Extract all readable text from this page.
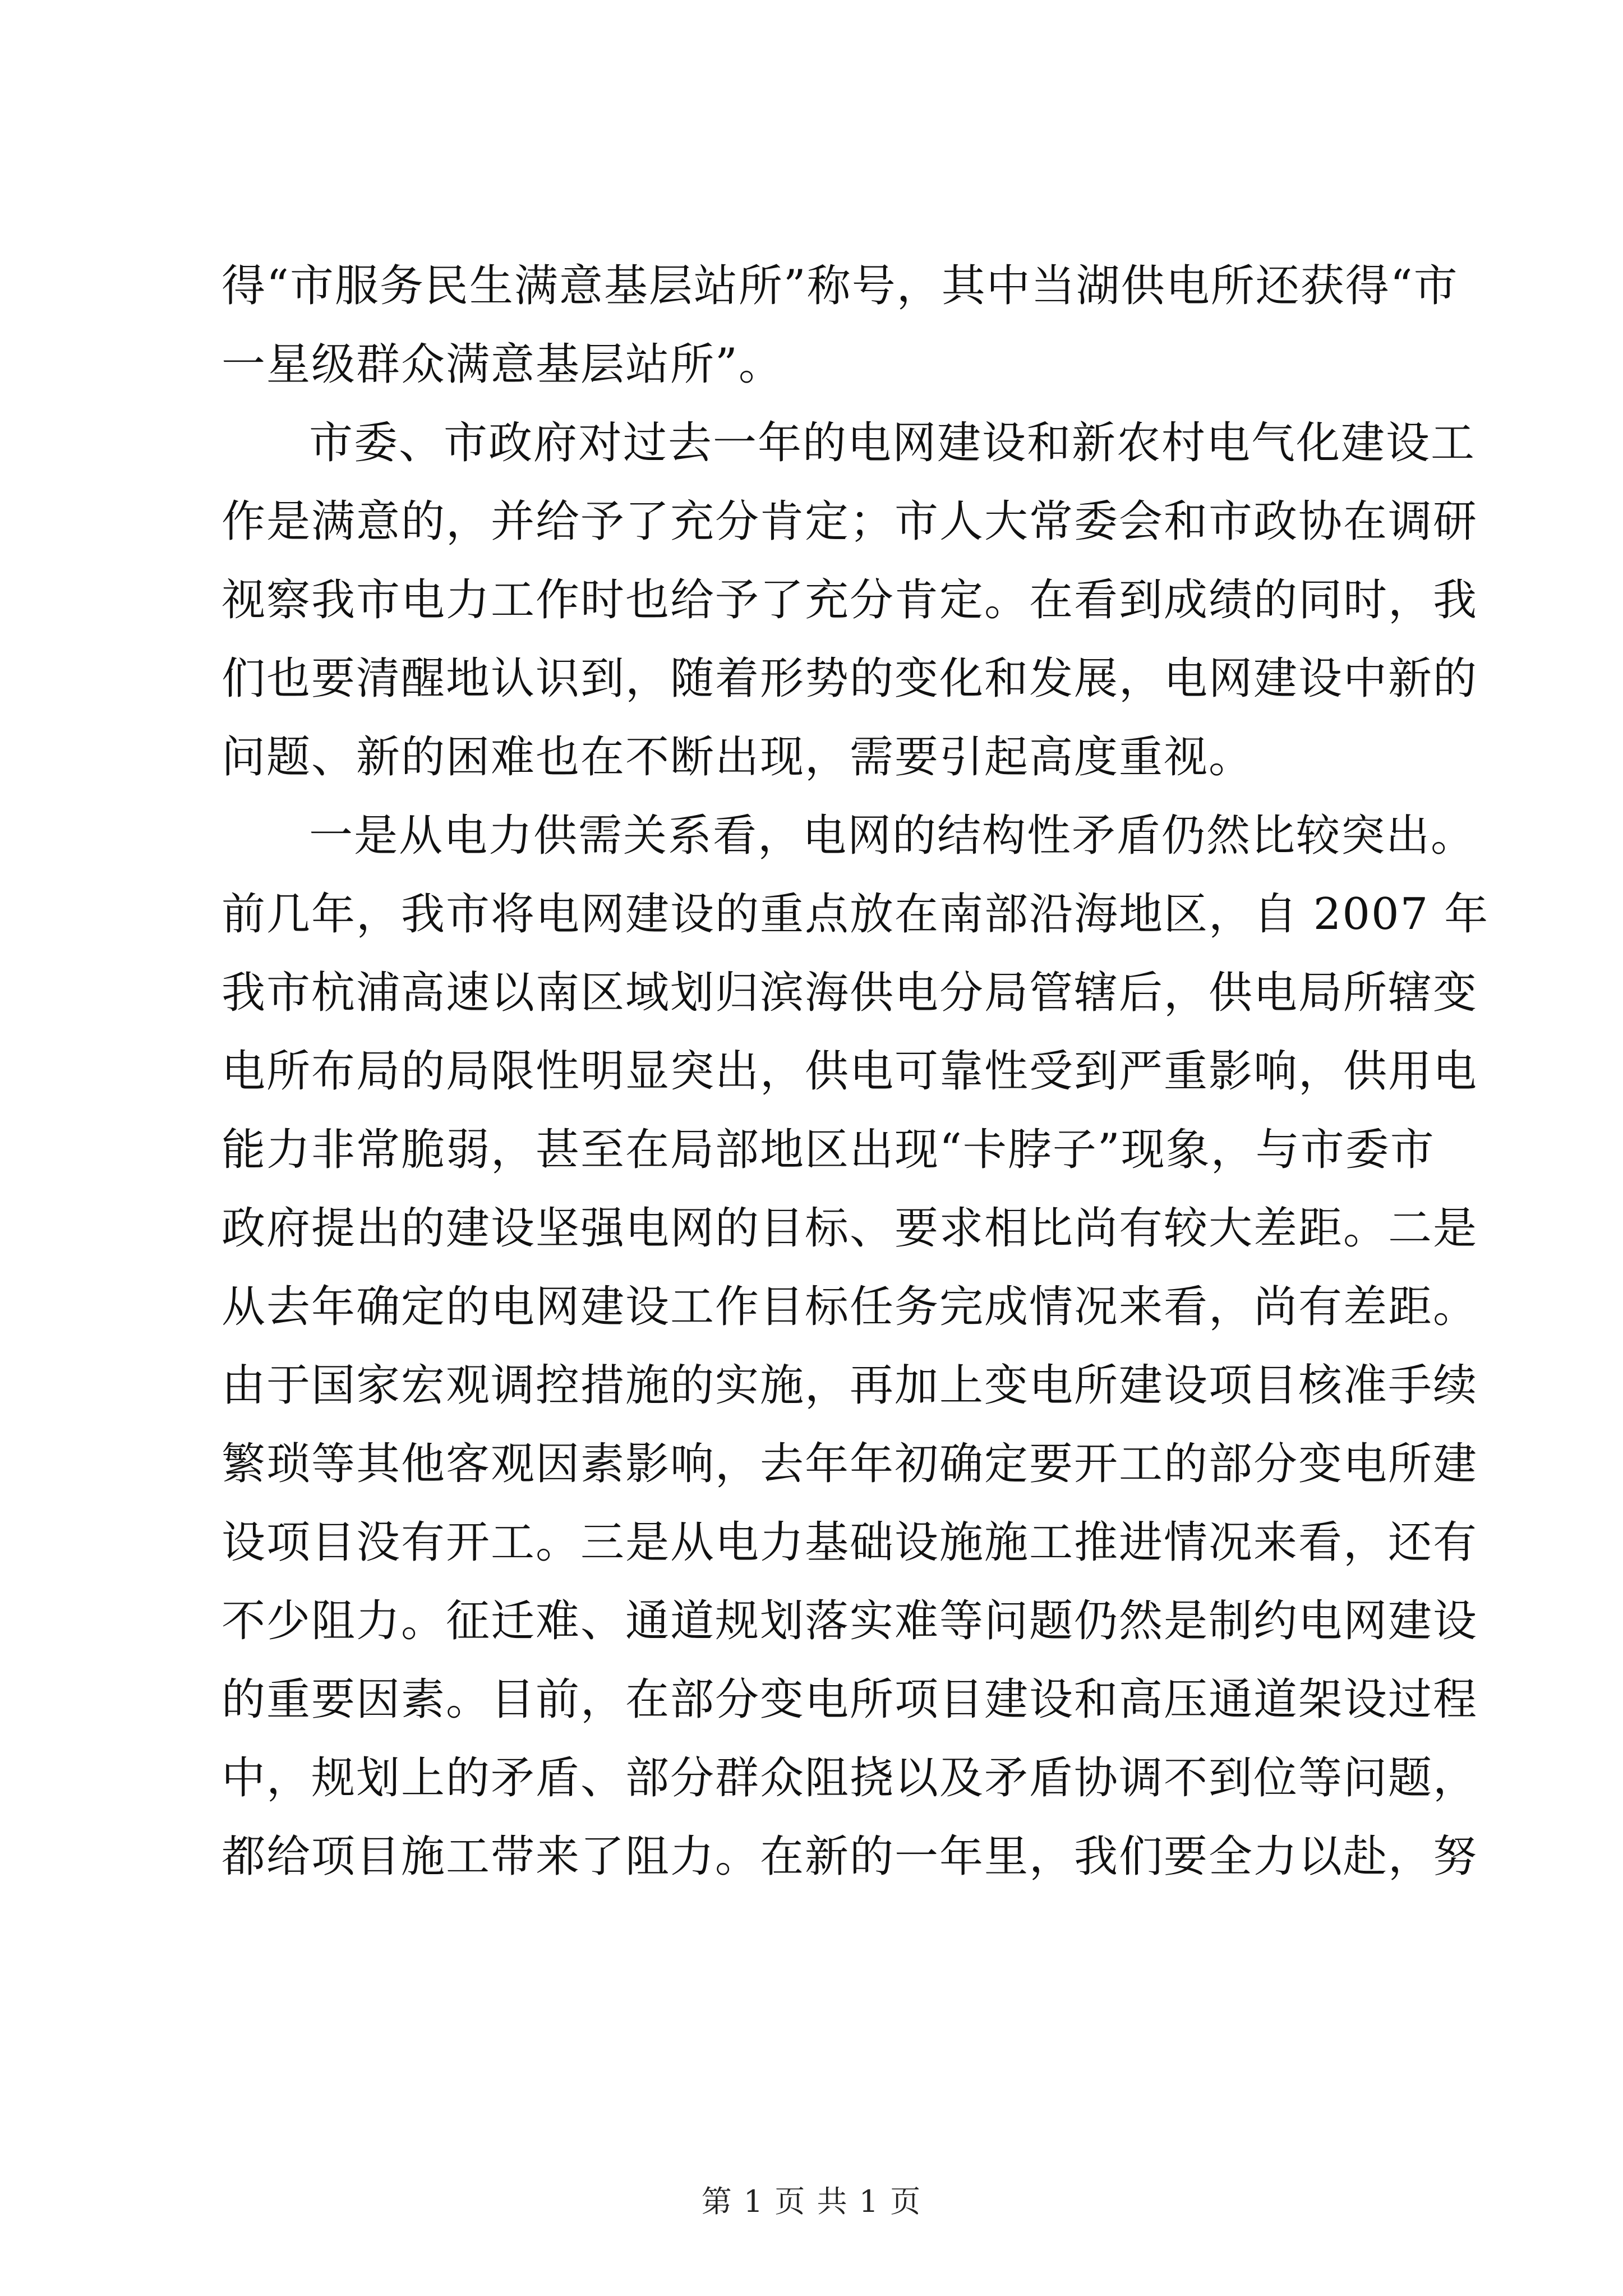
得“市服务民生满意基层站所”称号，其中当湖供电所还获得“市
一星级群众满意基层站所”。
市委、市政府对过去一年的电网建设和新农村电气化建设工
作是满意的，并给予了充分肯定；市人大常委会和市政协在调研
视察我市电力工作时也给予了充分肯定。在看到成绩的同时，我
们也要清醒地认识到，随着形势的变化和发展，电网建设中新的
问题、新的困难也在不断出现，需要引起高度重视。
一是从电力供需关系看，电网的结构性矛盾仍然比较突出。
前几年，我市将电网建设的重点放在南部沿海地区，自 2007 年
我市杭浦高速以南区域划归滨海供电分局管辖后，供电局所辖变
电所布局的局限性明显突出，供电可靠性受到严重影响，供用电
能力非常脆弱，甚至在局部地区出现“卡脖子”现象，与市委市
政府提出的建设坚强电网的目标、要求相比尚有较大差距。二是
从去年确定的电网建设工作目标任务完成情况来看，尚有差距。
由于国家宏观调控措施的实施，再加上变电所建设项目核准手续
繁琐等其他客观因素影响，去年年初确定要开工的部分变电所建
设项目没有开工。三是从电力基础设施施工推进情况来看，还有
不少阻力。征迁难、通道规划落实难等问题仍然是制约电网建设
的重要因素。目前，在部分变电所项目建设和高压通道架设过程
中，规划上的矛盾、部分群众阻挠以及矛盾协调不到位等问题，
都给项目施工带来了阻力。在新的一年里，我们要全力以赴，努
第 1 页 共 1 页
